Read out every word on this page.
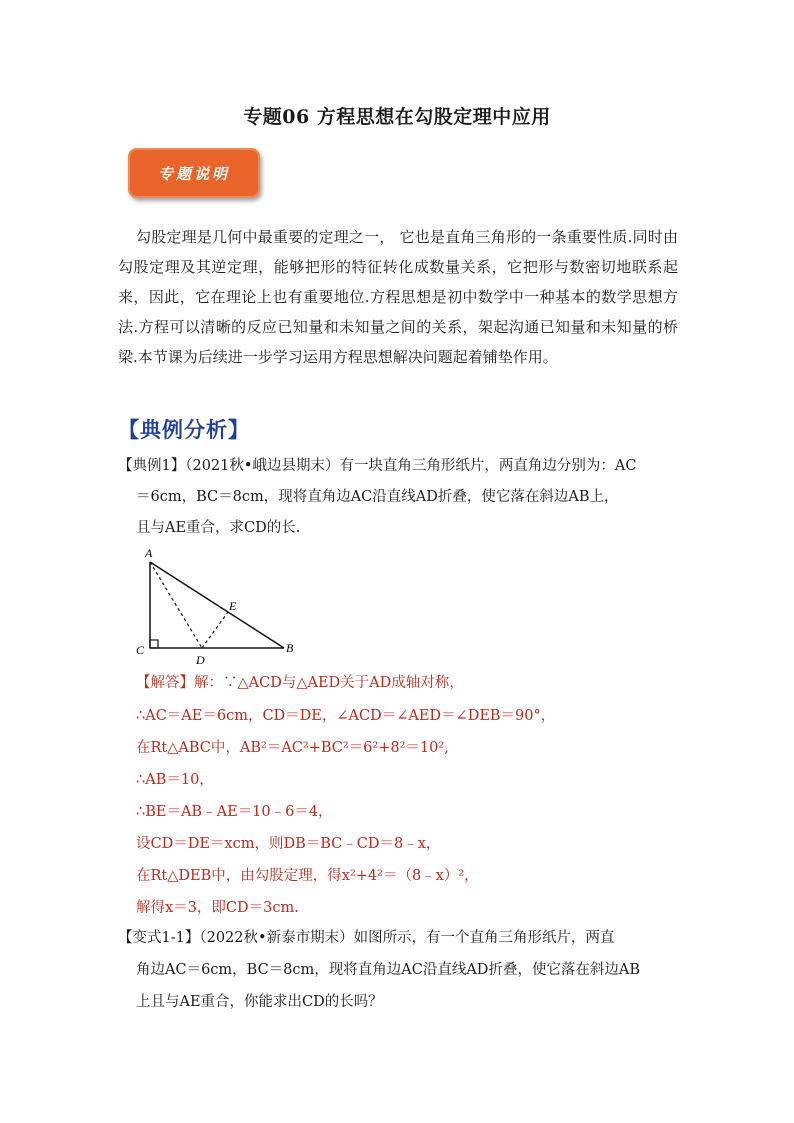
专题06 方程思想在勾股定理中应用
专题说明
勾股定理是几何中最重要的定理之一， 它也是直角三角形的一条重要性质.同时由勾股定理及其逆定理，能够把形的特征转化成数量关系，它把形与数密切地联系起来，因此，它在理论上也有重要地位.方程思想是初中数学中一种基本的数学思想方法.方程可以清晰的反应已知量和未知量之间的关系，架起沟通已知量和未知量的桥梁.本节课为后续进一步学习运用方程思想解决问题起着铺垫作用。
【典例分析】
【典例1】（2021秋•峨边县期末）有一块直角三角形纸片，两直角边分别为：AC
＝6cm，BC＝8cm，现将直角边AC沿直线AD折叠，使它落在斜边AB上，
且与AE重合，求CD的长.
A
C
D
B
E
【解答】解：∵△ACD与△AED关于AD成轴对称，
∴AC＝AE＝6cm，CD＝DE，∠ACD＝∠AED＝∠DEB＝90°，
在Rt△ABC中，AB²＝AC²+BC²＝6²+8²＝10²,
∴AB＝10，
∴BE＝AB﹣AE＝10﹣6＝4，
设CD＝DE＝xcm，则DB＝BC﹣CD＝8﹣x，
在Rt△DEB中，由勾股定理，得x²+4²＝（8﹣x）²，
解得x＝3，即CD＝3cm.
【变式1-1】（2022秋•新泰市期末）如图所示，有一个直角三角形纸片，两直
角边AC＝6cm，BC＝8cm，现将直角边AC沿直线AD折叠，使它落在斜边AB
上且与AE重合，你能求出CD的长吗？
